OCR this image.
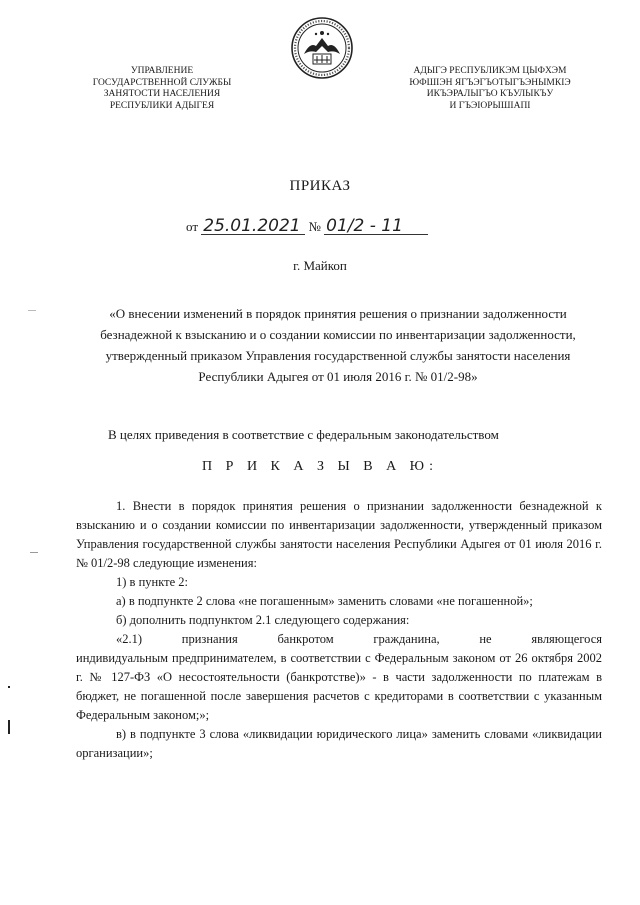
УПРАВЛЕНИЕ
ГОСУДАРСТВЕННОЙ СЛУЖБЫ
ЗАНЯТОСТИ НАСЕЛЕНИЯ
РЕСПУБЛИКИ АДЫГЕЯ
АДЫГЭ РЕСПУБЛИКЭМ ЦЫФХЭМ
ЮФШІЭН ЯГЪЭГЪОТЫГЪЭНЫМКІЭ
ИКЪЭРАЛЫГЪО КЪУЛЫКЪУ
И ГЪЭІОРЫШІАПІ
ПРИКАЗ
от 25.01.2021 № 01/2 - 11
г. Майкоп
«О внесении изменений в порядок принятия решения о признании задолженности безнадежной к взысканию и о создании комиссии по инвентаризации задолженности, утвержденный приказом Управления государственной службы занятости населения Республики Адыгея от 01 июля 2016 г. № 01/2-98»
В целях приведения в соответствие с федеральным законодательством
П Р И К А З Ы В А Ю:

1. Внести в порядок принятия решения о признании задолженности безнадежной к взысканию и о создании комиссии по инвентаризации задолженности, утвержденный приказом Управления государственной службы занятости населения Республики Адыгея от 01 июля 2016 г. № 01/2-98 следующие изменения:

1) в пункте 2:

а) в подпункте 2 слова «не погашенным» заменить словами «не погашенной»;

б) дополнить подпунктом 2.1 следующего содержания:

«2.1) признания банкротом гражданина, не являющегося

индивидуальным предпринимателем, в соответствии с Федеральным законом от 26 октября 2002 г. № 127-ФЗ «О несостоятельности (банкротстве)» - в части задолженности по платежам в бюджет, не погашенной после завершения расчетов с кредиторами в соответствии с указанным Федеральным законом;»;

в) в подпункте 3 слова «ликвидации юридического лица» заменить словами «ликвидации организации»;
